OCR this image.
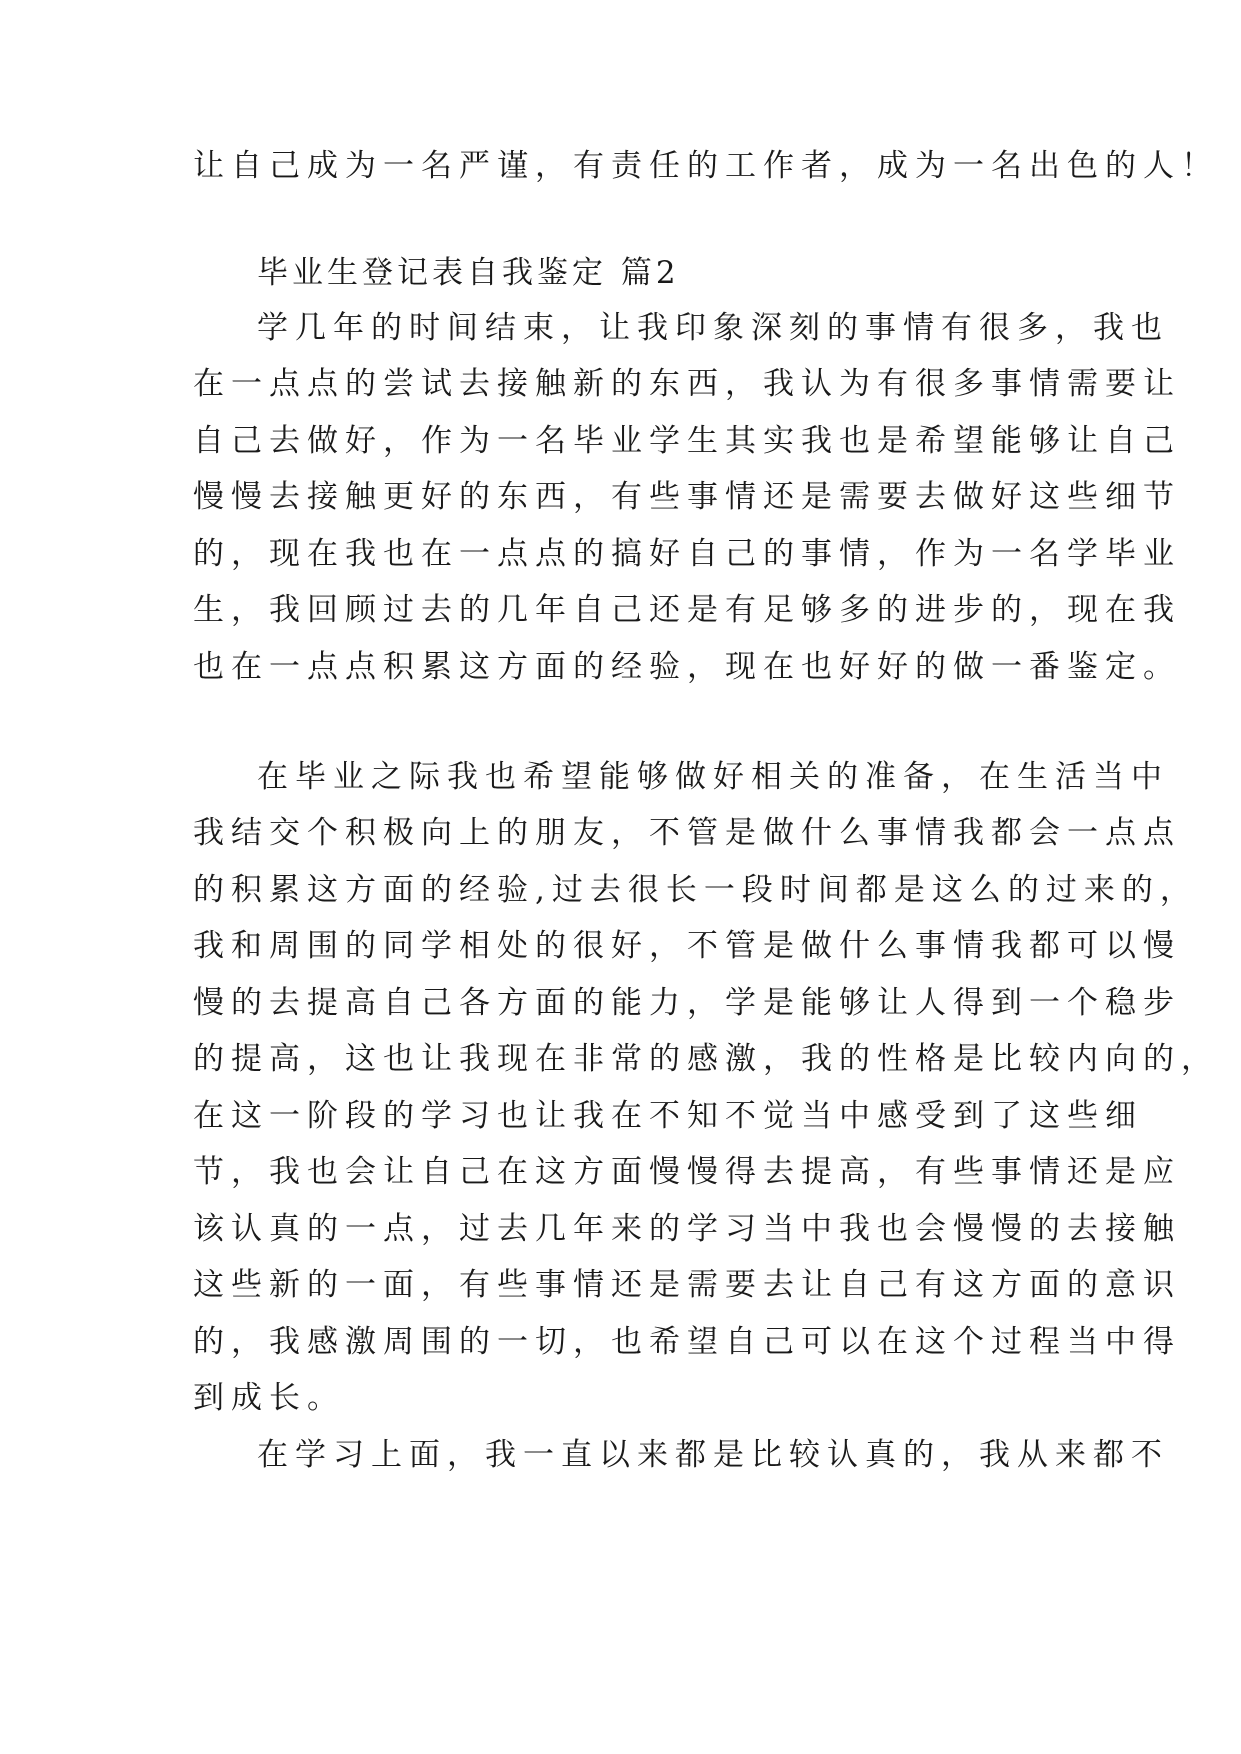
让自己成为一名严谨，有责任的工作者，成为一名出色的人！
毕业生登记表自我鉴定 篇2
学几年的时间结束，让我印象深刻的事情有很多，我也
在一点点的尝试去接触新的东西，我认为有很多事情需要让
自己去做好，作为一名毕业学生其实我也是希望能够让自己
慢慢去接触更好的东西，有些事情还是需要去做好这些细节
的，现在我也在一点点的搞好自己的事情，作为一名学毕业
生，我回顾过去的几年自己还是有足够多的进步的，现在我
也在一点点积累这方面的经验，现在也好好的做一番鉴定。
在毕业之际我也希望能够做好相关的准备，在生活当中
我结交个积极向上的朋友，不管是做什么事情我都会一点点
的积累这方面的经验,过去很长一段时间都是这么的过来的，
我和周围的同学相处的很好，不管是做什么事情我都可以慢
慢的去提高自己各方面的能力，学是能够让人得到一个稳步
的提高，这也让我现在非常的感激，我的性格是比较内向的，
在这一阶段的学习也让我在不知不觉当中感受到了这些细
节，我也会让自己在这方面慢慢得去提高，有些事情还是应
该认真的一点，过去几年来的学习当中我也会慢慢的去接触
这些新的一面，有些事情还是需要去让自己有这方面的意识
的，我感激周围的一切，也希望自己可以在这个过程当中得
到成长。
在学习上面，我一直以来都是比较认真的，我从来都不
